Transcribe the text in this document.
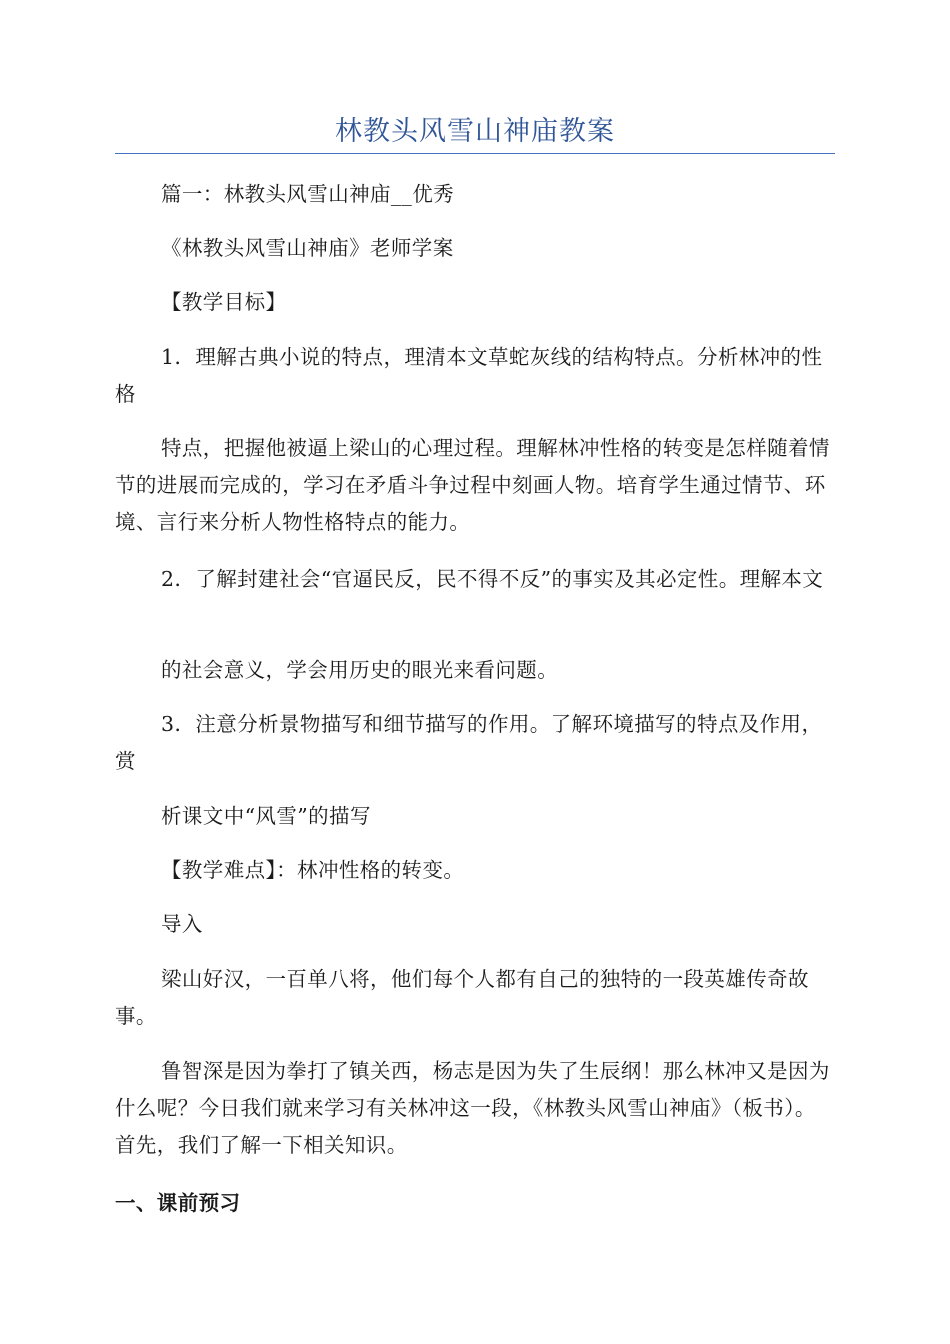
林教头风雪山神庙教案

篇一：林教头风雪山神庙__优秀

《林教头风雪山神庙》老师学案

【教学目标】

1．理解古典小说的特点，理清本文草蛇灰线的结构特点。分析林冲的性格

特点，把握他被逼上梁山的心理过程。理解林冲性格的转变是怎样随着情节的进展而完成的，学习在矛盾斗争过程中刻画人物。培育学生通过情节、环境、言行来分析人物性格特点的能力。

2．了解封建社会“官逼民反，民不得不反”的事实及其必定性。理解本文

的社会意义，学会用历史的眼光来看问题。

3．注意分析景物描写和细节描写的作用。了解环境描写的特点及作用，赏

析课文中“风雪”的描写

【教学难点】：林冲性格的转变。

导入

梁山好汉，一百单八将，他们每个人都有自己的独特的一段英雄传奇故事。

鲁智深是因为拳打了镇关西，杨志是因为失了生辰纲！那么林冲又是因为什么呢？今日我们就来学习有关林冲这一段，《林教头风雪山神庙》（板书）。首先，我们了解一下相关知识。

一、课前预习
